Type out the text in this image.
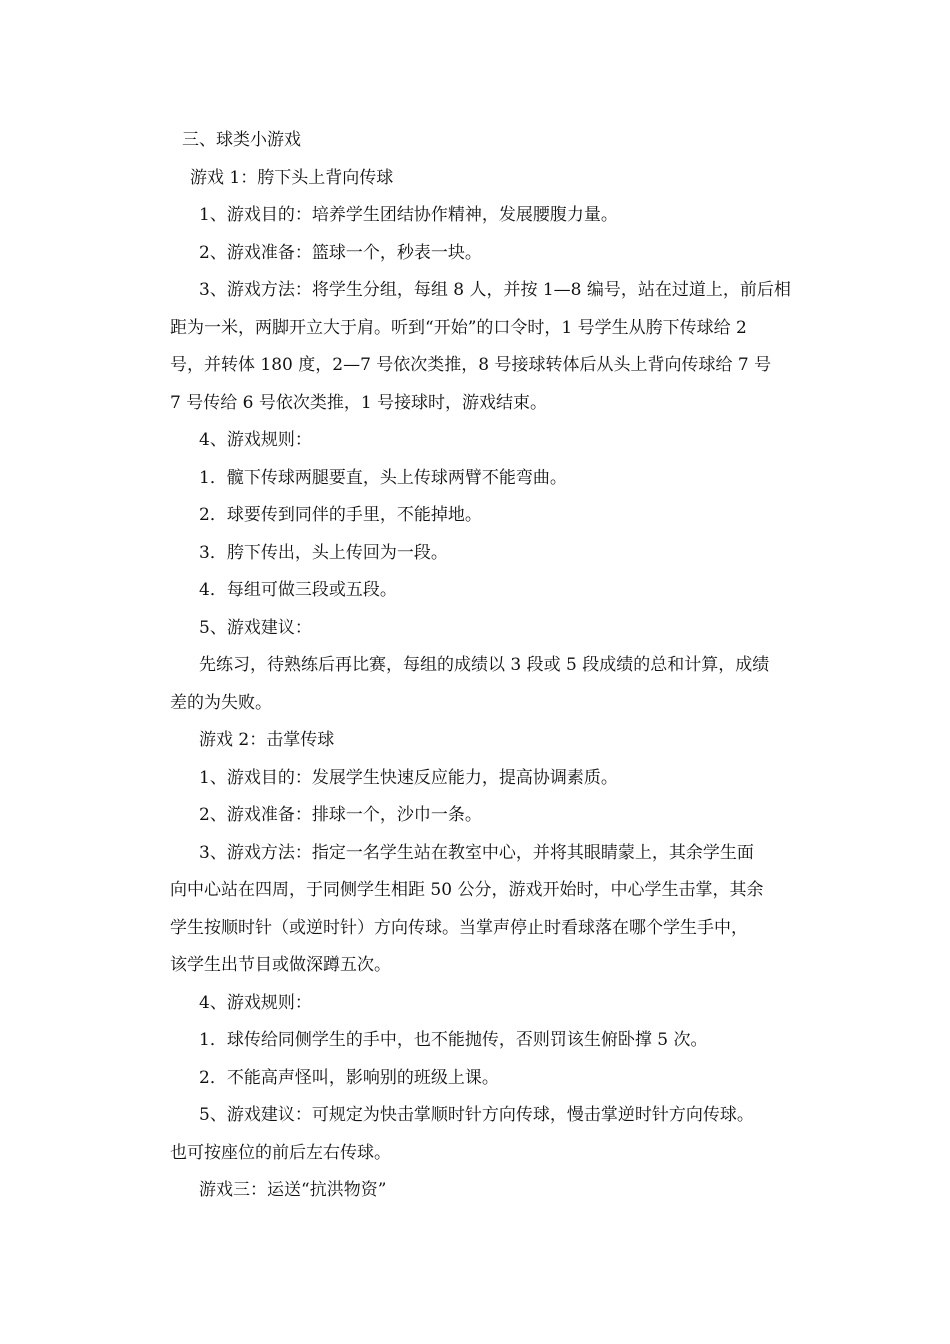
三、球类小游戏

游戏 1：胯下头上背向传球

1、游戏目的：培养学生团结协作精神，发展腰腹力量。

2、游戏准备：篮球一个，秒表一块。

3、游戏方法：将学生分组，每组 8 人，并按 1—8 编号，站在过道上，前后相

距为一米，两脚开立大于肩。听到“开始”的口令时，1 号学生从胯下传球给 2

号，并转体 180 度，2—7 号依次类推，8 号接球转体后从头上背向传球给 7 号

7 号传给 6 号依次类推，1 号接球时，游戏结束。

4、游戏规则：

1．髋下传球两腿要直，头上传球两臂不能弯曲。

2．球要传到同伴的手里，不能掉地。

3．胯下传出，头上传回为一段。

4．每组可做三段或五段。

5、游戏建议：

先练习，待熟练后再比赛，每组的成绩以 3 段或 5 段成绩的总和计算，成绩

差的为失败。

游戏 2：击掌传球

1、游戏目的：发展学生快速反应能力，提高协调素质。

2、游戏准备：排球一个，沙巾一条。

3、游戏方法：指定一名学生站在教室中心，并将其眼睛蒙上，其余学生面

向中心站在四周，于同侧学生相距 50 公分，游戏开始时，中心学生击掌，其余

学生按顺时针（或逆时针）方向传球。当掌声停止时看球落在哪个学生手中，

该学生出节目或做深蹲五次。

4、游戏规则：

1．球传给同侧学生的手中，也不能抛传，否则罚该生俯卧撑 5 次。

2．不能高声怪叫，影响别的班级上课。

5、游戏建议：可规定为快击掌顺时针方向传球，慢击掌逆时针方向传球。

也可按座位的前后左右传球。

游戏三：运送“抗洪物资”
